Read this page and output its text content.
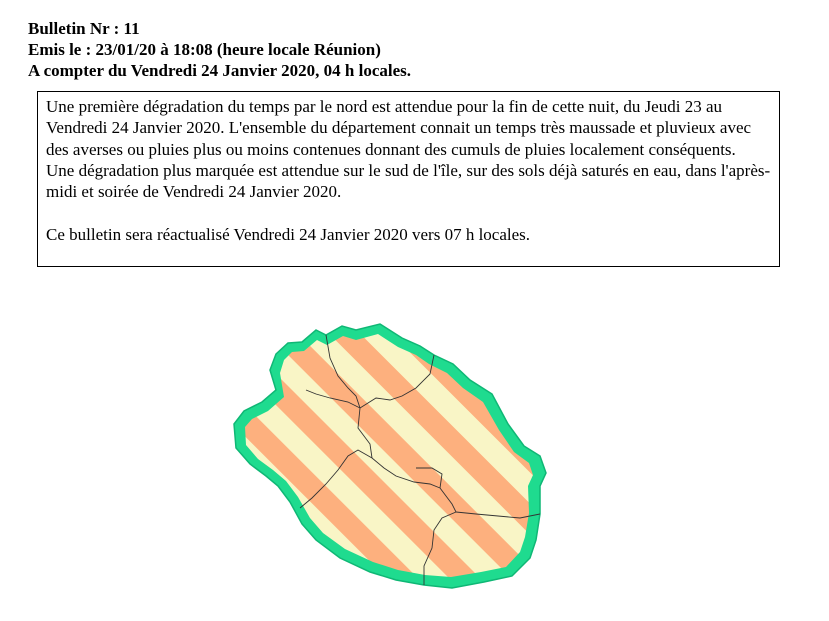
Bulletin Nr : 11
Emis le : 23/01/20 à 18:08 (heure locale Réunion)
A compter du Vendredi 24 Janvier 2020, 04 h locales.

Une première dégradation du temps par le nord est attendue pour la fin de cette nuit, du Jeudi 23 au Vendredi 24 Janvier 2020. L'ensemble du département connait un temps très maussade et pluvieux avec des averses ou pluies plus ou moins contenues donnant des cumuls de pluies localement conséquents.

Une dégradation plus marquée est attendue sur le sud de l'île, sur des sols déjà saturés en eau, dans l'après-midi et soirée de Vendredi 24 Janvier 2020.

Ce bulletin sera réactualisé Vendredi 24 Janvier 2020 vers 07 h locales.
